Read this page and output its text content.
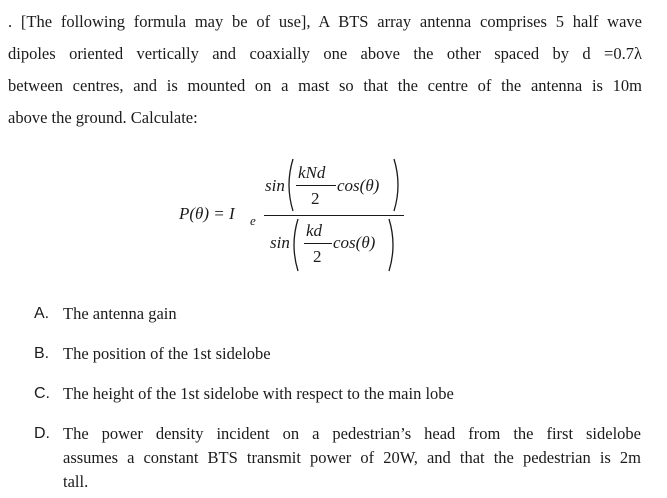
. [The following formula may be of use], A BTS array antenna comprises 5 half wave
dipoles oriented vertically and coaxially one above the other spaced by d =0.7λ
between centres, and is mounted on a mast so that the centre of the antenna is 10m
above the ground. Calculate:
P(θ) = I e
sin
kNd
2
cos(θ)
sin
kd
2
cos(θ)
A. The antenna gain
B. The position of the 1st sidelobe
C. The height of the 1st sidelobe with respect to the main lobe
D. The power density incident on a pedestrian’s head from the first sidelobe
assumes a constant BTS transmit power of 20W, and that the pedestrian is 2m
tall.
